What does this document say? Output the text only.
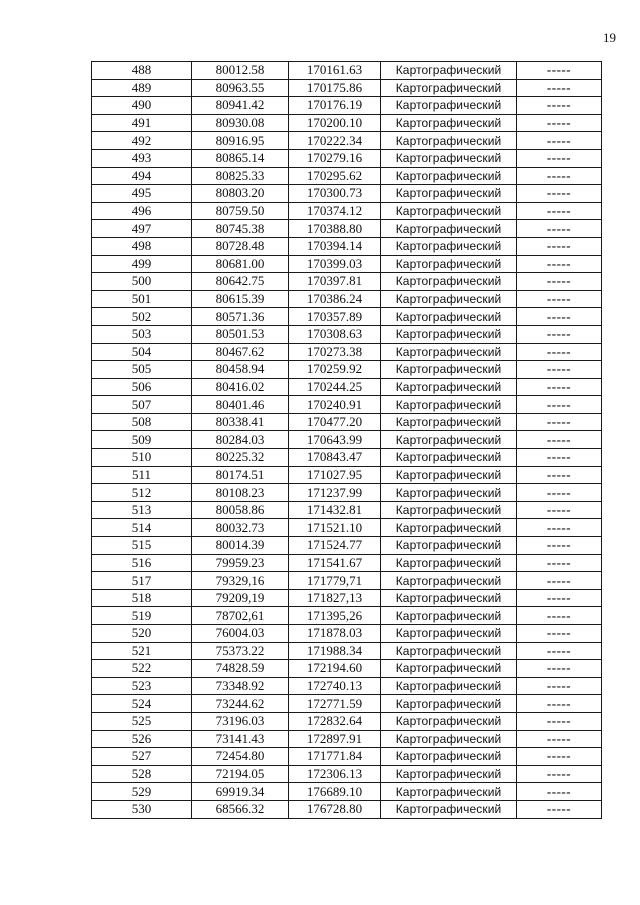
19
488	80012.58	170161.63	Картографический	-----
489	80963.55	170175.86	Картографический	-----
490	80941.42	170176.19	Картографический	-----
491	80930.08	170200.10	Картографический	-----
492	80916.95	170222.34	Картографический	-----
493	80865.14	170279.16	Картографический	-----
494	80825.33	170295.62	Картографический	-----
495	80803.20	170300.73	Картографический	-----
496	80759.50	170374.12	Картографический	-----
497	80745.38	170388.80	Картографический	-----
498	80728.48	170394.14	Картографический	-----
499	80681.00	170399.03	Картографический	-----
500	80642.75	170397.81	Картографический	-----
501	80615.39	170386.24	Картографический	-----
502	80571.36	170357.89	Картографический	-----
503	80501.53	170308.63	Картографический	-----
504	80467.62	170273.38	Картографический	-----
505	80458.94	170259.92	Картографический	-----
506	80416.02	170244.25	Картографический	-----
507	80401.46	170240.91	Картографический	-----
508	80338.41	170477.20	Картографический	-----
509	80284.03	170643.99	Картографический	-----
510	80225.32	170843.47	Картографический	-----
511	80174.51	171027.95	Картографический	-----
512	80108.23	171237.99	Картографический	-----
513	80058.86	171432.81	Картографический	-----
514	80032.73	171521.10	Картографический	-----
515	80014.39	171524.77	Картографический	-----
516	79959.23	171541.67	Картографический	-----
517	79329,16	171779,71	Картографический	-----
518	79209,19	171827,13	Картографический	-----
519	78702,61	171395,26	Картографический	-----
520	76004.03	171878.03	Картографический	-----
521	75373.22	171988.34	Картографический	-----
522	74828.59	172194.60	Картографический	-----
523	73348.92	172740.13	Картографический	-----
524	73244.62	172771.59	Картографический	-----
525	73196.03	172832.64	Картографический	-----
526	73141.43	172897.91	Картографический	-----
527	72454.80	171771.84	Картографический	-----
528	72194.05	172306.13	Картографический	-----
529	69919.34	176689.10	Картографический	-----
530	68566.32	176728.80	Картографический	-----
